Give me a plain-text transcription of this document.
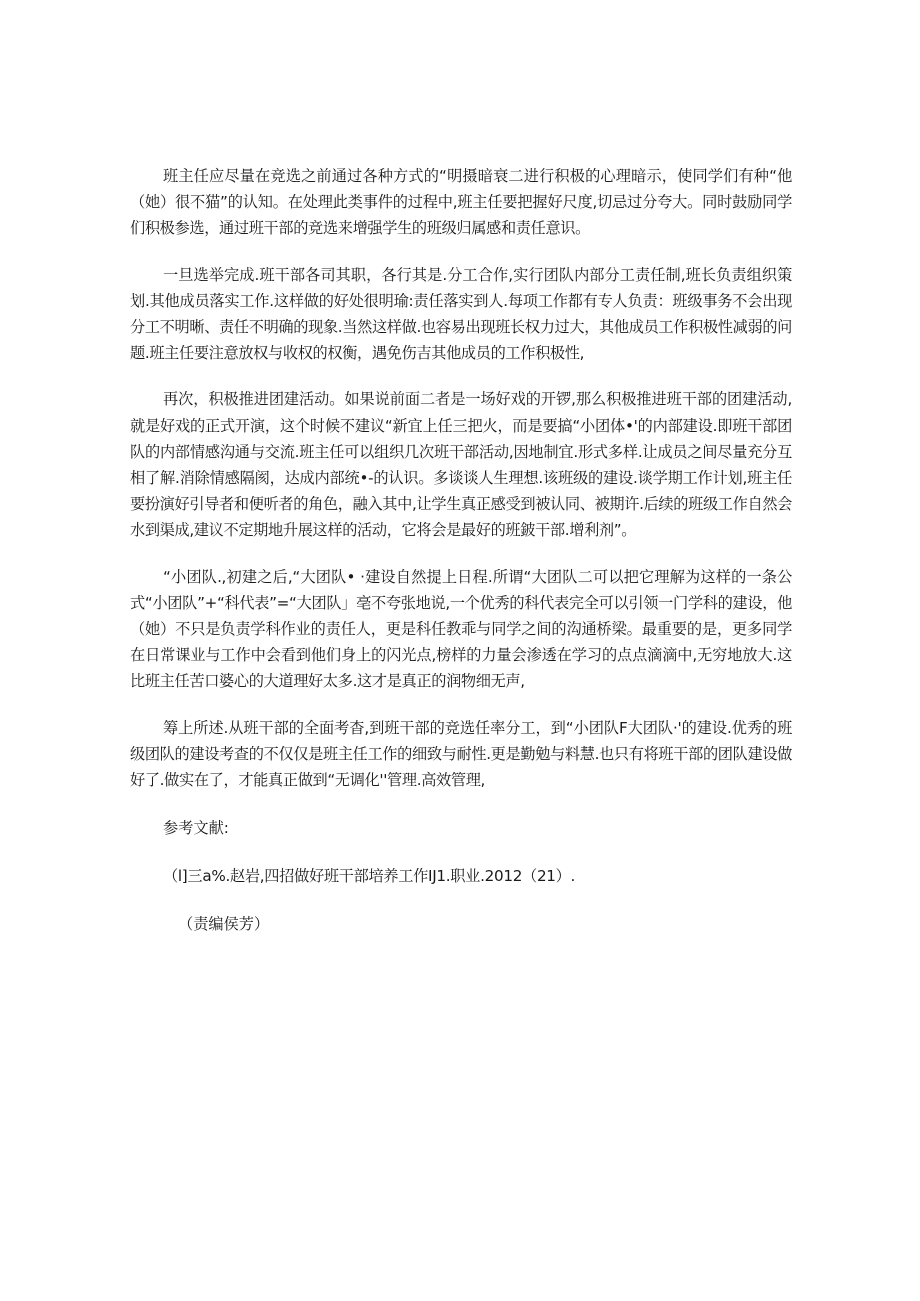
班主任应尽量在竞选之前通过各种方式的“明摄暗衰二进行积极的心理暗示，使同学们有种“他（她）很不猫”的认知。在处理此类事件的过程中,班主任要把握好尺度,切忌过分夸大。同时鼓励同学们积极参选，通过班干部的竞选来增强学生的班级归属感和责任意识。

一旦选举完成.班干部各司其职，各行其是.分工合作,实行团队内部分工责任制,班长负责组织策划.其他成员落实工作.这样做的好处很明瑜:责任落实到人.每项工作都有专人负责：班级事务不会出现分工不明晰、责任不明确的现象.当然这样做.也容易出现班长权力过大，其他成员工作积极性减弱的问题.班主任要注意放权与收权的权衡，遇免伤吉其他成员的工作积极性,

再次，积极推进团建活动。如果说前面二者是一场好戏的开锣,那么积极推进班干部的团建活动,就是好戏的正式开演，这个时候不建议“新宜上任三把火，而是要搞“小团体•'的内部建设.即班干部团队的内部情感沟通与交流.班主任可以组织几次班干部活动,因地制宜.形式多样.让成员之间尽量充分互相了解.消除情感隔阂，达成内部统•-的认识。多谈谈人生理想.该班级的建设.谈学期工作计划,班主任要扮演好引导者和便听者的角色，融入其中,让学生真正感受到被认同、被期许.后续的班级工作自然会水到渠成,建议不定期地升展这样的活动，它将会是最好的班鈹干部.增利剂”。

“小团队.,初建之后,“大团队• ·建设自然提上日程.所谓“大团队二可以把它理解为这样的一条公式“小团队”+“科代表”=“大团队」亳不夸张地说,一个优秀的科代表完全可以引领一门学科的建设，他（她）不只是负责学科作业的责任人，更是科任教乖与同学之间的沟通桥梁。最重要的是，更多同学在日常课业与工作中会看到他们身上的闪光点,榜样的力量会渗透在学习的点点滴滴中,无穷地放大.这比班主任苦口婆心的大道理好太多.这才是真正的润物细无声,

筹上所述.从班干部的全面考杳,到班干部的竞选任率分工，到“小团队F大团队·'的建设.优秀的班级团队的建设考查的不仅仅是班主任工作的细致与耐性.更是勤勉与料慧.也只有将班干部的团队建设做好了.做实在了，才能真正做到“无调化''管理.高效管理,

参考文献:

（l]三a%.赵岩,四招做好班干部培养工作IJ1.职业.2012（21）.

（责编侯芳）
